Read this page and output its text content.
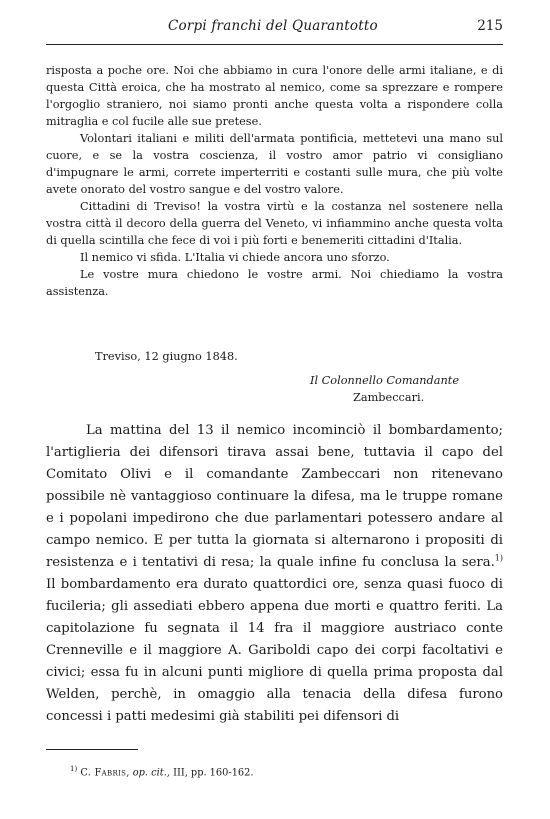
Corpi franchi del Quarantotto	215

risposta a poche ore. Noi che abbiamo in cura l'onore delle armi italiane, e di questa Città eroica, che ha mostrato al nemico, come sa sprezzare e rompere l'orgoglio straniero, noi siamo pronti anche questa volta a rispondere colla mitraglia e col fucile alle sue pretese.

Volontari italiani e militi dell'armata pontificia, mettetevi una mano sul cuore, e se la vostra coscienza, il vostro amor patrio vi consigliano d'impugnare le armi, correte imperterriti e costanti sulle mura, che più volte avete onorato del vostro sangue e del vostro valore.

Cittadini di Treviso! la vostra virtù e la costanza nel sostenere nella vostra città il decoro della guerra del Veneto, vi infiammino anche questa volta di quella scintilla che fece di voi i più forti e benemeriti cittadini d'Italia.

Il nemico vi sfida. L'Italia vi chiede ancora uno sforzo.

Le vostre mura chiedono le vostre armi. Noi chiediamo la vostra assistenza.

Treviso, 12 giugno 1848.
Il Colonnello Comandante
Zambeccari.

La mattina del 13 il nemico incominciò il bombardamento; l'artiglieria dei difensori tirava assai bene, tuttavia il capo del Comitato Olivi e il comandante Zambeccari non ritenevano possibile nè vantaggioso continuare la difesa, ma le truppe romane e i popolani impedirono che due parlamentari potessero andare al campo nemico. E per tutta la giornata si alternarono i propositi di resistenza e i tentativi di resa; la quale infine fu conclusa la sera.$^{1)}$ Il bombardamento era durato quattordici ore, senza quasi fuoco di fucileria; gli assediati ebbero appena due morti e quattro feriti. La capitolazione fu segnata il 14 fra il maggiore austriaco conte Crenneville e il maggiore A. Gariboldi capo dei corpi facoltativi e civici; essa fu in alcuni punti migliore di quella prima proposta dal Welden, perchè, in omaggio alla tenacia della difesa furono concessi i patti medesimi già stabiliti pei difensori di

$^{1)}$ C. Fabris, op. cit., III, pp. 160-162.
